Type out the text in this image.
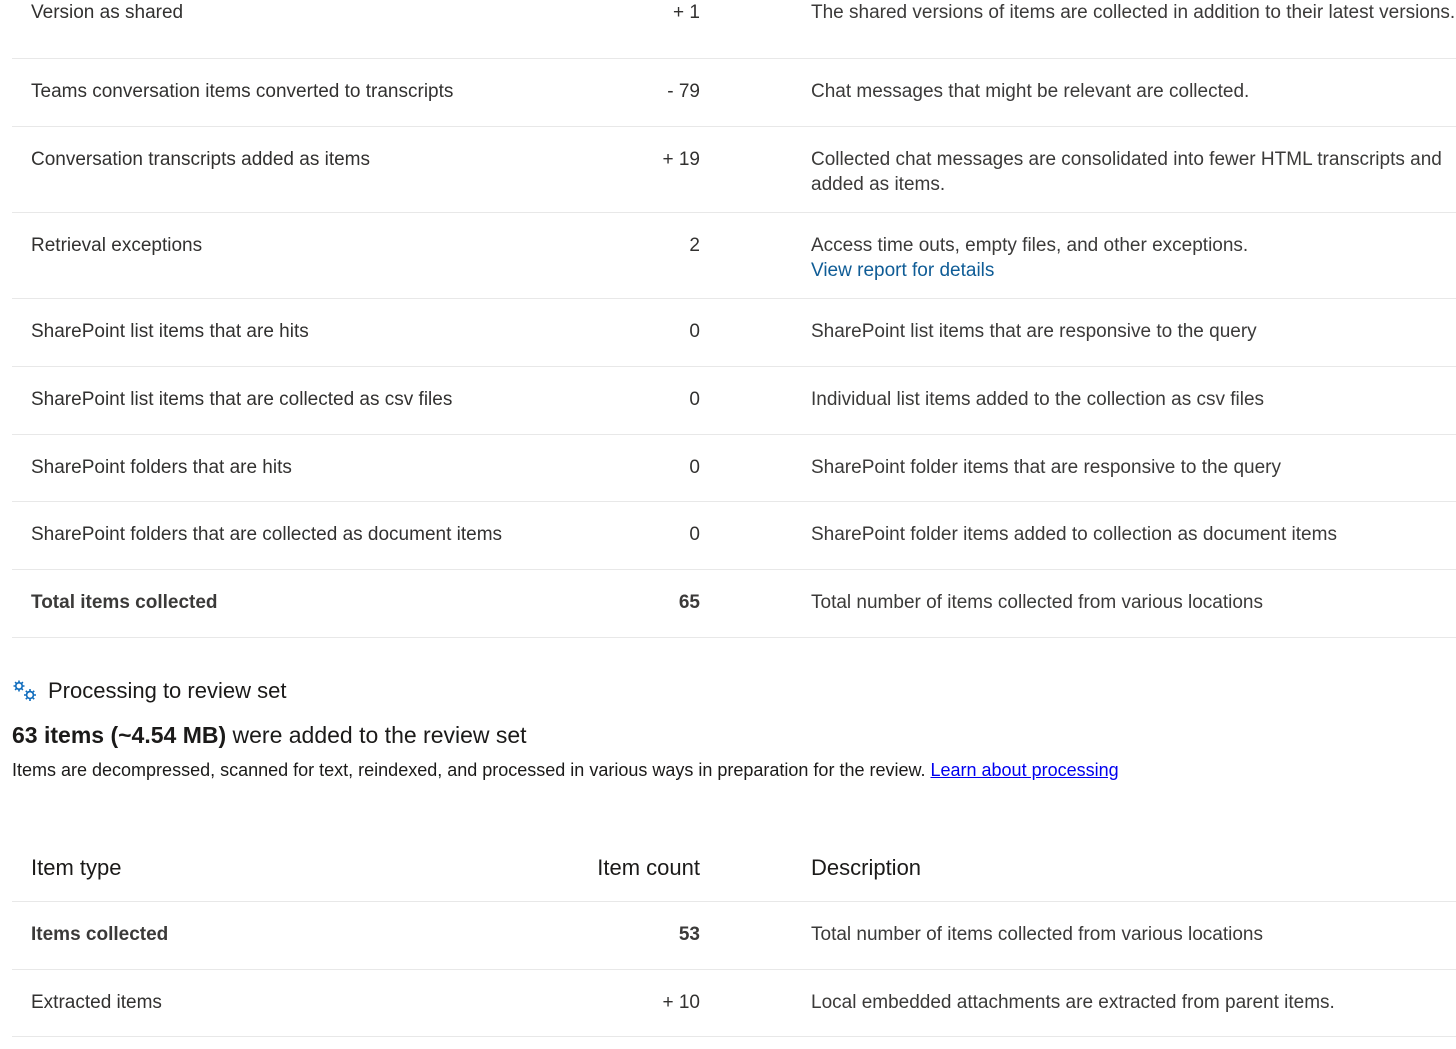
Version as shared	+ 1	The shared versions of items are collected in addition to their latest versions.
Teams conversation items converted to transcripts	- 79	Chat messages that might be relevant are collected.
Conversation transcripts added as items	+ 19	Collected chat messages are consolidated into fewer HTML transcripts and added as items.
Retrieval exceptions	2	Access time outs, empty files, and other exceptions.
View report for details
SharePoint list items that are hits	0	SharePoint list items that are responsive to the query
SharePoint list items that are collected as csv files	0	Individual list items added to the collection as csv files
SharePoint folders that are hits	0	SharePoint folder items that are responsive to the query
SharePoint folders that are collected as document items	0	SharePoint folder items added to collection as document items
Total items collected	65	Total number of items collected from various locations
Processing to review set
63 items (~4.54 MB) were added to the review set
Items are decompressed, scanned for text, reindexed, and processed in various ways in preparation for the review. Learn about processing
Item type	Item count	Description
Items collected	53	Total number of items collected from various locations
Extracted items	+ 10	Local embedded attachments are extracted from parent items.
